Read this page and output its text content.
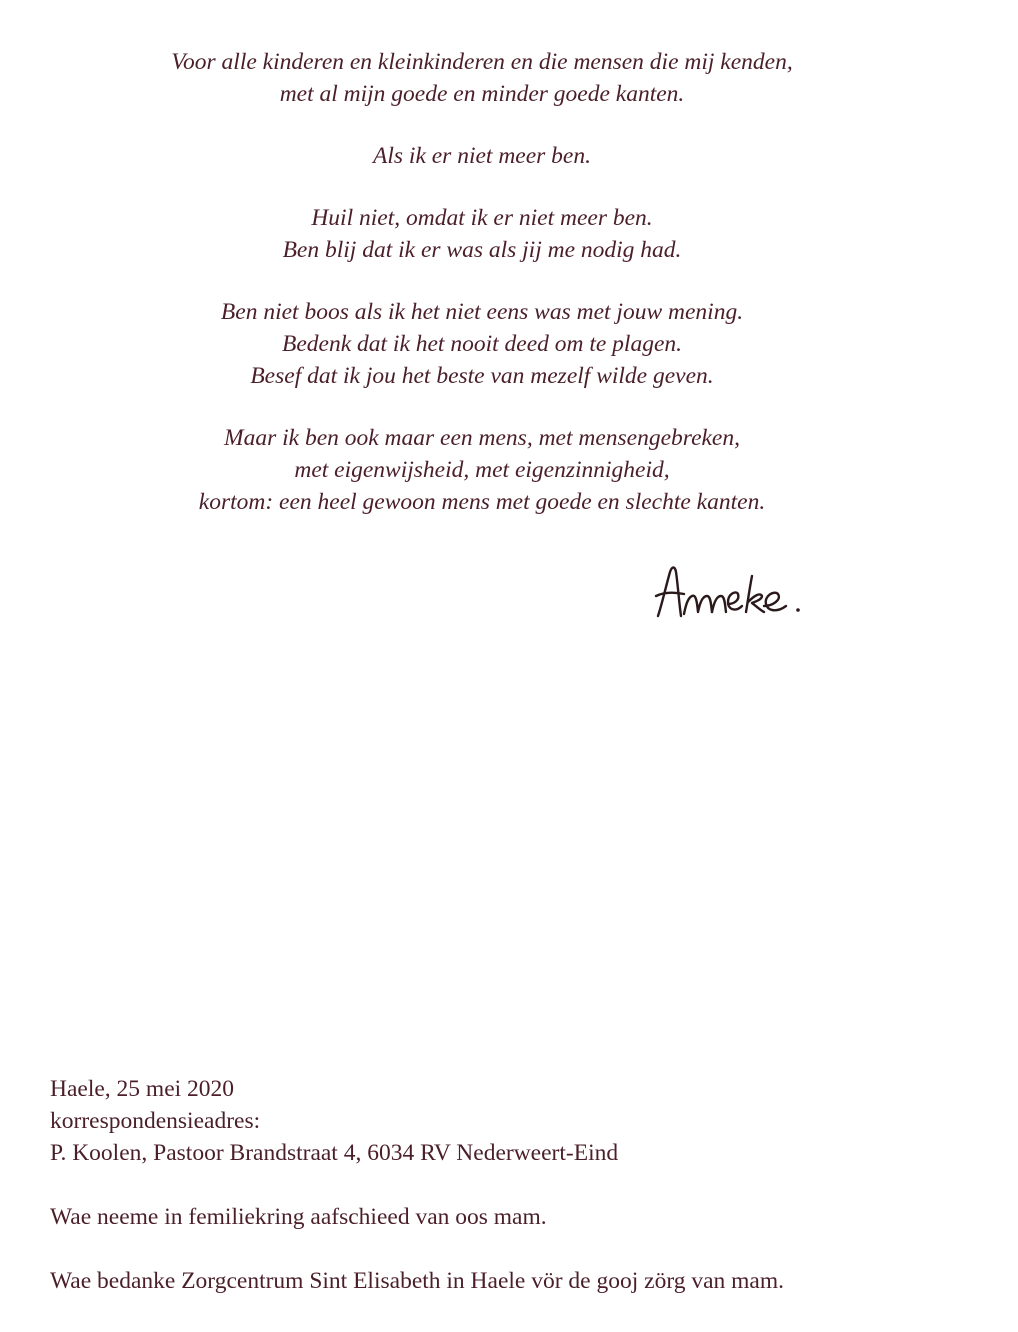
Voor alle kinderen en kleinkinderen en die mensen die mij kenden,
met al mijn goede en minder goede kanten.
Als ik er niet meer ben.
Huil niet, omdat ik er niet meer ben.
Ben blij dat ik er was als jij me nodig had.
Ben niet boos als ik het niet eens was met jouw mening.
Bedenk dat ik het nooit deed om te plagen.
Besef dat ik jou het beste van mezelf wilde geven.
Maar ik ben ook maar een mens, met mensengebreken,
met eigenwijsheid, met eigenzinnigheid,
kortom: een heel gewoon mens met goede en slechte kanten.
Haele, 25 mei 2020
korrespondensieadres:
P. Koolen, Pastoor Brandstraat 4, 6034 RV Nederweert-Eind
Wae neeme in femiliekring aafschieed van oos mam.
Wae bedanke Zorgcentrum Sint Elisabeth in Haele vör de gooj zörg van mam.
